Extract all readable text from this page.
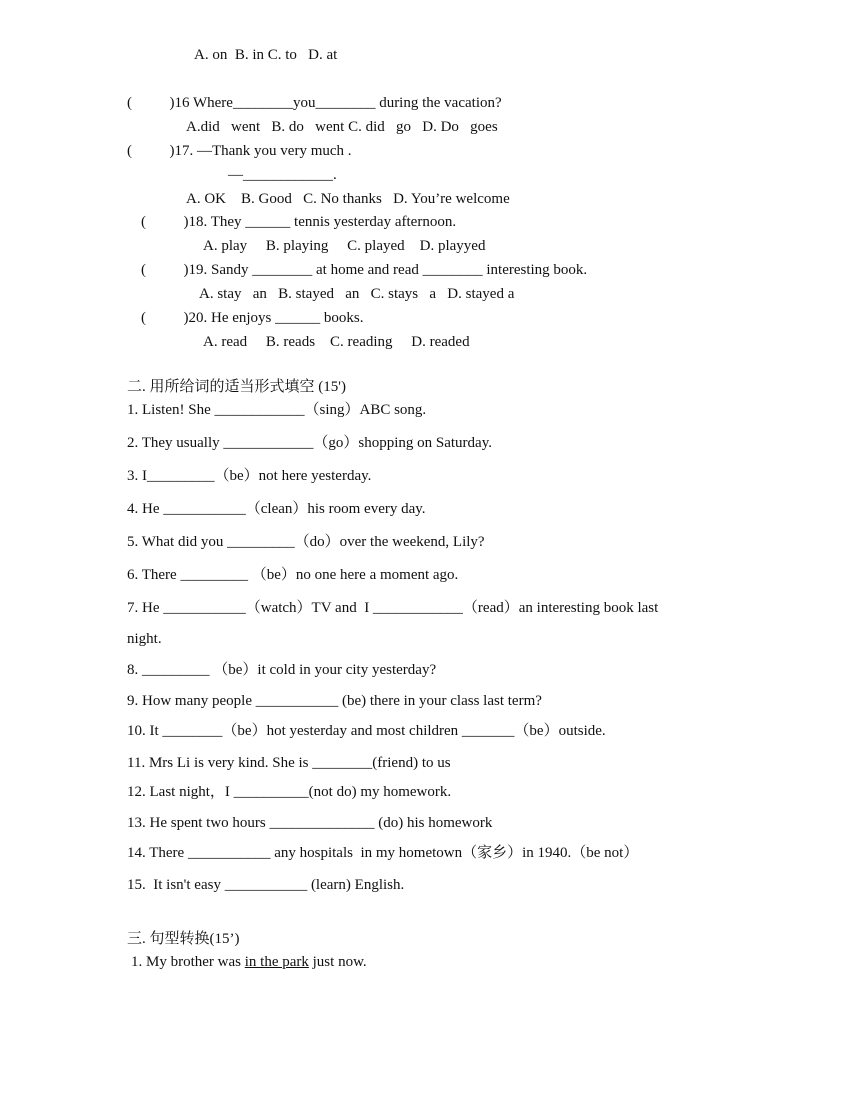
A. on  B. in C. to   D. at
(          )16 Where________you________ during the vacation?
A.did   went   B. do   went C. did   go   D. Do   goes
(          )17. —Thank you very much .
—____________.
A. OK    B. Good   C. No thanks   D. You’re welcome
(          )18. They ______ tennis yesterday afternoon.
A. play     B. playing     C. played    D. playyed
(          )19. Sandy ________ at home and read ________ interesting book.
A. stay   an   B. stayed   an   C. stays   a   D. stayed a
(          )20. He enjoys ______ books.
A. read     B. reads    C. reading     D. readed
二. 用所给词的适当形式填空 (15')
1. Listen! She ____________（sing）ABC song.
2. They usually ____________（go）shopping on Saturday.
3. I_________（be）not here yesterday.
4. He ___________（clean）his room every day.
5. What did you _________（do）over the weekend, Lily?
6. There _________ （be）no one here a moment ago.
7. He ___________（watch）TV and  I ____________（read）an interesting book last
night.
8. _________ （be）it cold in your city yesterday?
9. How many people ___________ (be) there in your class last term?
10. It ________（be）hot yesterday and most children _______（be）outside.
11. Mrs Li is very kind. She is ________(friend) to us
12. Last night，I __________(not do) my homework.
13. He spent two hours ______________ (do) his homework
14. There ___________ any hospitals  in my hometown（家乡）in 1940.（be not）
15.  It isn't easy ___________ (learn) English.
三. 句型转换(15’)
1. My brother was in the park just now.
